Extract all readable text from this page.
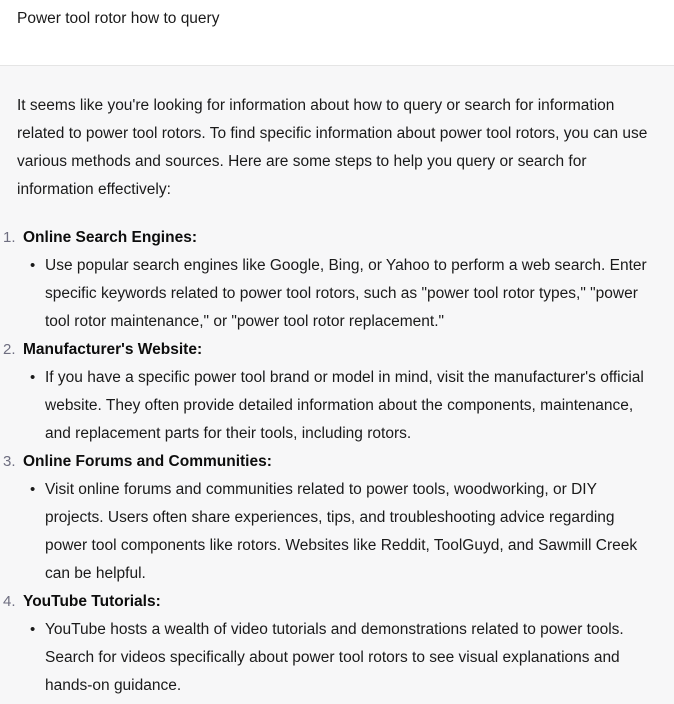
Power tool rotor how to query
It seems like you're looking for information about how to query or search for information
related to power tool rotors. To find specific information about power tool rotors, you can use
various methods and sources. Here are some steps to help you query or search for
information effectively:
1. Online Search Engines:
• Use popular search engines like Google, Bing, or Yahoo to perform a web search. Enter
specific keywords related to power tool rotors, such as "power tool rotor types," "power
tool rotor maintenance," or "power tool rotor replacement."
2. Manufacturer's Website:
• If you have a specific power tool brand or model in mind, visit the manufacturer's official
website. They often provide detailed information about the components, maintenance,
and replacement parts for their tools, including rotors.
3. Online Forums and Communities:
• Visit online forums and communities related to power tools, woodworking, or DIY
projects. Users often share experiences, tips, and troubleshooting advice regarding
power tool components like rotors. Websites like Reddit, ToolGuyd, and Sawmill Creek
can be helpful.
4. YouTube Tutorials:
• YouTube hosts a wealth of video tutorials and demonstrations related to power tools.
Search for videos specifically about power tool rotors to see visual explanations and
hands-on guidance.
